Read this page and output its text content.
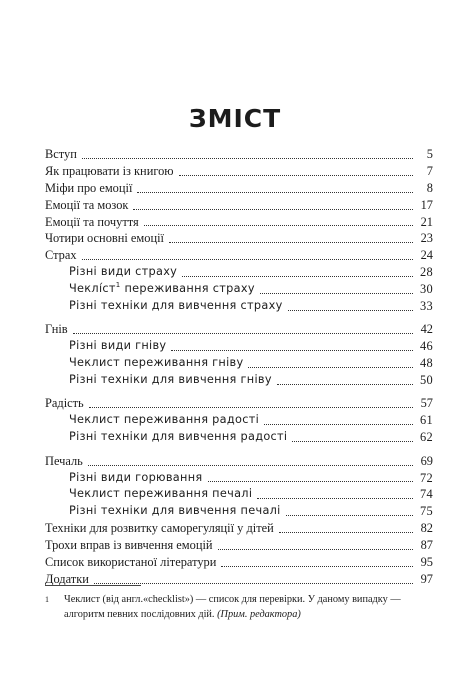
ЗМІСТ
Вступ	5
Як працювати із книгою	7
Міфи про емоції	8
Емоції та мозок	17
Емоції та почуття	21
Чотири основні емоції	23
Страх	24
Різні види страху	28
Чеклíст$^1$ переживання страху	30
Різні техніки для вивчення страху	33
Гнів	42
Різні види гніву	46
Чеклист переживання гніву	48
Різні техніки для вивчення гніву	50
Радість	57
Чеклист переживання радості	61
Різні техніки для вивчення радості	62
Печаль	69
Різні види горювання	72
Чеклист переживання печалі	74
Різні техніки для вивчення печалі	75
Техніки для розвитку саморегуляції у дітей	82
Трохи вправ із вивчення емоцій	87
Список використаної літератури	95
Додатки	97

1	Чеклист (від англ.«checklist») — список для перевірки. У даному випадку —
алгоритм певних послідовних дій. (Прим. редактора)
